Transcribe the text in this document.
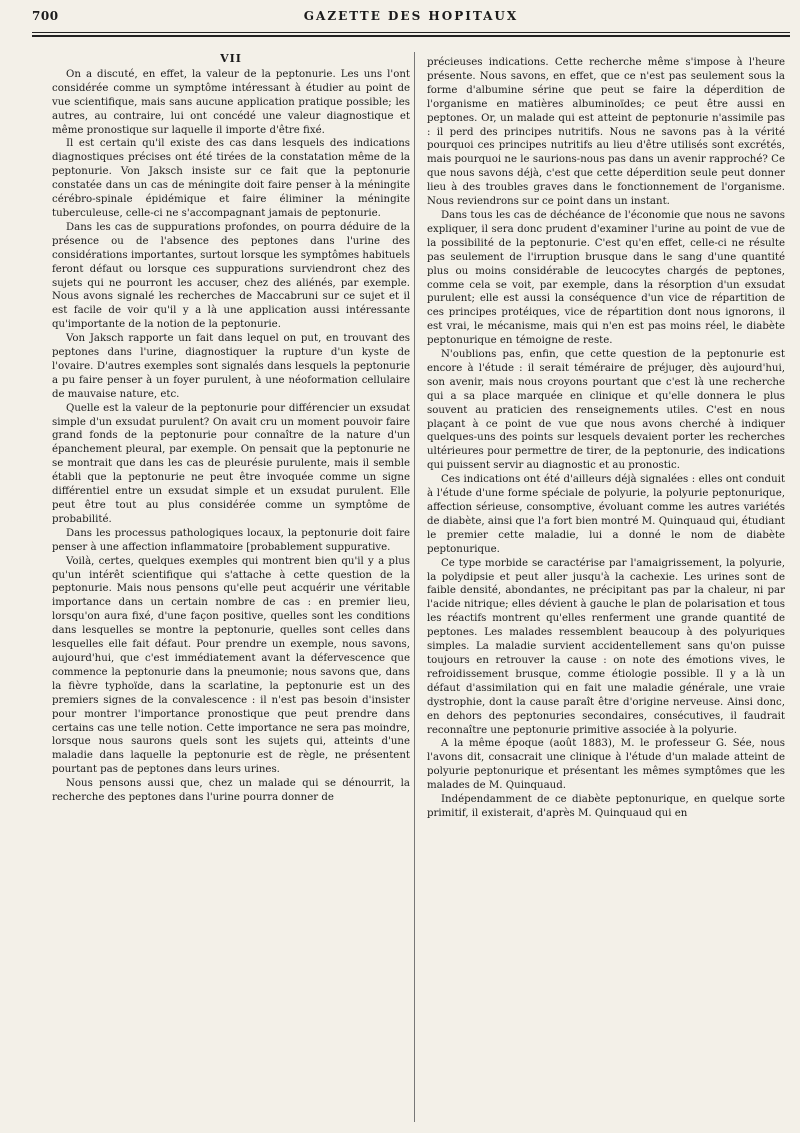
700	GAZETTE DES HOPITAUX
VII

On a discuté, en effet, la valeur de la peptonurie. Les uns l'ont considérée comme un symptôme intéressant à étudier au point de vue scientifique, mais sans aucune application pratique possible; les autres, au contraire, lui ont concédé une valeur diagnostique et même pronostique sur laquelle il importe d'être fixé.

Il est certain qu'il existe des cas dans lesquels des indications diagnostiques précises ont été tirées de la constatation même de la peptonurie. Von Jaksch insiste sur ce fait que la peptonurie constatée dans un cas de méningite doit faire penser à la méningite cérébro-spinale épidémique et faire éliminer la méningite tuberculeuse, celle-ci ne s'accompagnant jamais de peptonurie.

Dans les cas de suppurations profondes, on pourra déduire de la présence ou de l'absence des peptones dans l'urine des considérations importantes, surtout lorsque les symptômes habituels feront défaut ou lorsque ces suppurations surviendront chez des sujets qui ne pourront les accuser, chez des aliénés, par exemple. Nous avons signalé les recherches de Maccabruni sur ce sujet et il est facile de voir qu'il y a là une application aussi intéressante qu'importante de la notion de la peptonurie.

Von Jaksch rapporte un fait dans lequel on put, en trouvant des peptones dans l'urine, diagnostiquer la rupture d'un kyste de l'ovaire. D'autres exemples sont signalés dans lesquels la peptonurie a pu faire penser à un foyer purulent, à une néoformation cellulaire de mauvaise nature, etc.

Quelle est la valeur de la peptonurie pour différencier un exsudat simple d'un exsudat purulent? On avait cru un moment pouvoir faire grand fonds de la peptonurie pour connaître de la nature d'un épanchement pleural, par exemple. On pensait que la peptonurie ne se montrait que dans les cas de pleurésie purulente, mais il semble établi que la peptonurie ne peut être invoquée comme un signe différentiel entre un exsudat simple et un exsudat purulent. Elle peut être tout au plus considérée comme un symptôme de probabilité.

Dans les processus pathologiques locaux, la peptonurie doit faire penser à une affection inflammatoire [probablement suppurative.

Voilà, certes, quelques exemples qui montrent bien qu'il y a plus qu'un intérêt scientifique qui s'attache à cette question de la peptonurie. Mais nous pensons qu'elle peut acquérir une véritable importance dans un certain nombre de cas : en premier lieu, lorsqu'on aura fixé, d'une façon positive, quelles sont les conditions dans lesquelles se montre la peptonurie, quelles sont celles dans lesquelles elle fait défaut. Pour prendre un exemple, nous savons, aujourd'hui, que c'est immédiatement avant la défervescence que commence la peptonurie dans la pneumonie; nous savons que, dans la fièvre typhoïde, dans la scarlatine, la peptonurie est un des premiers signes de la convalescence : il n'est pas besoin d'insister pour montrer l'importance pronostique que peut prendre dans certains cas une telle notion. Cette importance ne sera pas moindre, lorsque nous saurons quels sont les sujets qui, atteints d'une maladie dans laquelle la peptonurie est de règle, ne présentent pourtant pas de peptones dans leurs urines.

Nous pensons aussi que, chez un malade qui se dénourrit, la recherche des peptones dans l'urine pourra donner de

précieuses indications. Cette recherche même s'impose à l'heure présente. Nous savons, en effet, que ce n'est pas seulement sous la forme d'albumine sérine que peut se faire la déperdition de l'organisme en matières albuminoïdes; ce peut être aussi en peptones. Or, un malade qui est atteint de peptonurie n'assimile pas : il perd des principes nutritifs. Nous ne savons pas à la vérité pourquoi ces principes nutritifs au lieu d'être utilisés sont excrétés, mais pourquoi ne le saurions-nous pas dans un avenir rapproché? Ce que nous savons déjà, c'est que cette déperdition seule peut donner lieu à des troubles graves dans le fonctionnement de l'organisme. Nous reviendrons sur ce point dans un instant.

Dans tous les cas de déchéance de l'économie que nous ne savons expliquer, il sera donc prudent d'examiner l'urine au point de vue de la possibilité de la peptonurie. C'est qu'en effet, celle-ci ne résulte pas seulement de l'irruption brusque dans le sang d'une quantité plus ou moins considérable de leucocytes chargés de peptones, comme cela se voit, par exemple, dans la résorption d'un exsudat purulent; elle est aussi la conséquence d'un vice de répartition de ces principes protéiques, vice de répartition dont nous ignorons, il est vrai, le mécanisme, mais qui n'en est pas moins réel, le diabète peptonurique en témoigne de reste.

N'oublions pas, enfin, que cette question de la peptonurie est encore à l'étude : il serait téméraire de préjuger, dès aujourd'hui, son avenir, mais nous croyons pourtant que c'est là une recherche qui a sa place marquée en clinique et qu'elle donnera le plus souvent au praticien des renseignements utiles. C'est en nous plaçant à ce point de vue que nous avons cherché à indiquer quelques-uns des points sur lesquels devaient porter les recherches ultérieures pour permettre de tirer, de la peptonurie, des indications qui puissent servir au diagnostic et au pronostic.

Ces indications ont été d'ailleurs déjà signalées : elles ont conduit à l'étude d'une forme spéciale de polyurie, la polyurie peptonurique, affection sérieuse, consomptive, évoluant comme les autres variétés de diabète, ainsi que l'a fort bien montré M. Quinquaud qui, étudiant le premier cette maladie, lui a donné le nom de diabète peptonurique.

Ce type morbide se caractérise par l'amaigrissement, la polyurie, la polydipsie et peut aller jusqu'à la cachexie. Les urines sont de faible densité, abondantes, ne précipitant pas par la chaleur, ni par l'acide nitrique; elles dévient à gauche le plan de polarisation et tous les réactifs montrent qu'elles renferment une grande quantité de peptones. Les malades ressemblent beaucoup à des polyuriques simples. La maladie survient accidentellement sans qu'on puisse toujours en retrouver la cause : on note des émotions vives, le refroidissement brusque, comme étiologie possible. Il y a là un défaut d'assimilation qui en fait une maladie générale, une vraie dystrophie, dont la cause paraît être d'origine nerveuse. Ainsi donc, en dehors des peptonuries secondaires, consécutives, il faudrait reconnaître une peptonurie primitive associée à la polyurie.

A la même époque (août 1883), M. le professeur G. Sée, nous l'avons dit, consacrait une clinique à l'étude d'un malade atteint de polyurie peptonurique et présentant les mêmes symptômes que les malades de M. Quinquaud.

Indépendamment de ce diabète peptonurique, en quelque sorte primitif, il existerait, d'après M. Quinquaud qui en
